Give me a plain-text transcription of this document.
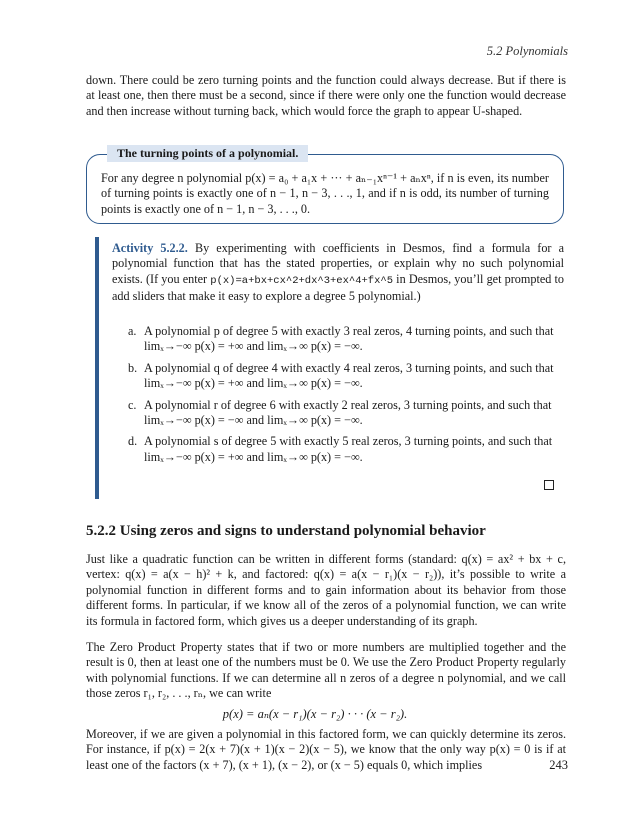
5.2 Polynomials

down. There could be zero turning points and the function could always decrease. But if there is at least one, then there must be a second, since if there were only one the function would decrease and then increase without turning back, which would force the graph to appear U-shaped.

The turning points of a polynomial.

For any degree n polynomial p(x) = a₀ + a₁x + ··· + aₙ₋₁xⁿ⁻¹ + aₙxⁿ, if n is even, its number of turning points is exactly one of n − 1, n − 3, . . ., 1, and if n is odd, its number of turning points is exactly one of n − 1, n − 3, . . ., 0.

Activity 5.2.2. By experimenting with coefficients in Desmos, find a formula for a polynomial function that has the stated properties, or explain why no such polynomial exists. (If you enter p(x)=a+bx+cx^2+dx^3+ex^4+fx^5 in Desmos, you’ll get prompted to add sliders that make it easy to explore a degree 5 polynomial.)

a. A polynomial p of degree 5 with exactly 3 real zeros, 4 turning points, and such that limₓ→−∞ p(x) = +∞ and limₓ→∞ p(x) = −∞.
b. A polynomial q of degree 4 with exactly 4 real zeros, 3 turning points, and such that limₓ→−∞ p(x) = +∞ and limₓ→∞ p(x) = −∞.
c. A polynomial r of degree 6 with exactly 2 real zeros, 3 turning points, and such that limₓ→−∞ p(x) = −∞ and limₓ→∞ p(x) = −∞.
d. A polynomial s of degree 5 with exactly 5 real zeros, 3 turning points, and such that limₓ→−∞ p(x) = +∞ and limₓ→∞ p(x) = −∞.
5.2.2 Using zeros and signs to understand polynomial behavior

Just like a quadratic function can be written in different forms (standard: q(x) = ax² + bx + c, vertex: q(x) = a(x − h)² + k, and factored: q(x) = a(x − r₁)(x − r₂)), it’s possible to write a polynomial function in different forms and to gain information about its behavior from those different forms. In particular, if we know all of the zeros of a polynomial function, we can write its formula in factored form, which gives us a deeper understanding of its graph.

The Zero Product Property states that if two or more numbers are multiplied together and the result is 0, then at least one of the numbers must be 0. We use the Zero Product Property regularly with polynomial functions. If we can determine all n zeros of a degree n polynomial, and we call those zeros r₁, r₂, . . ., rₙ, we can write

p(x) = aₙ(x − r₁)(x − r₂) · · · (x − r₂).

Moreover, if we are given a polynomial in this factored form, we can quickly determine its zeros. For instance, if p(x) = 2(x + 7)(x + 1)(x − 2)(x − 5), we know that the only way p(x) = 0 is if at least one of the factors (x + 7), (x + 1), (x − 2), or (x − 5) equals 0, which implies	243
